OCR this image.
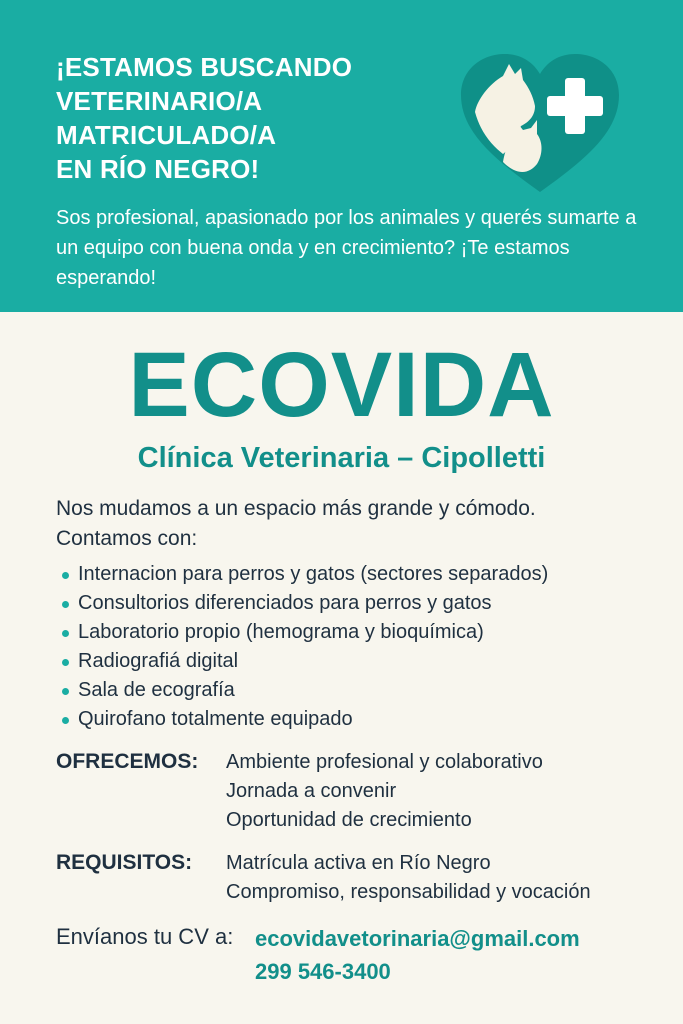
¡ESTAMOS BUSCANDO
VETERINARIO/A
MATRICULADO/A
EN RÍO NEGRO!
Sos profesional, apasionado por los animales y querés sumarte a un equipo con buena onda y en crecimiento? ¡Te estamos esperando!
ECOVIDA
Clínica Veterinaria – Cipolletti
Nos mudamos a un espacio más grande y cómodo.
Contamos con:
Internacion para perros y gatos (sectores separados)
Consultorios diferenciados para perros y gatos
Laboratorio propio (hemograma y bioquímica)
Radiografiá digital
Sala de ecografía
Quirofano totalmente equipado
OFRECEMOS: Ambiente profesional y colaborativo
Jornada a convenir
Oportunidad de crecimiento
REQUISITOS: Matrícula activa en Río Negro
Compromiso, responsabilidad y vocación
Envíanos tu CV a: ecovidavetorinaria@gmail.com
299 546-3400
